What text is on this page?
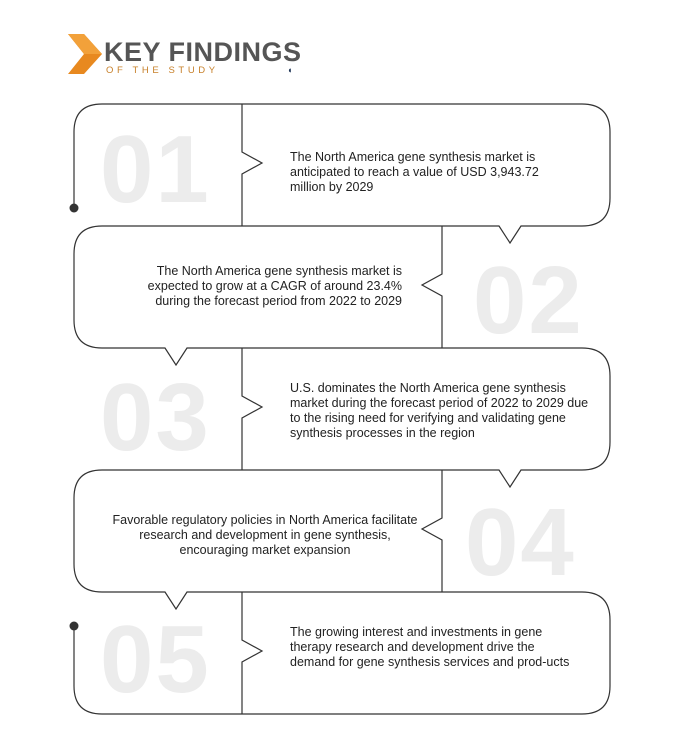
KEY FINDINGS
OF THE STUDY	◖
01	The North America gene synthesis market is anticipated to reach a value of USD 3,943.72 million by 2029
02
The North America gene synthesis market is expected to grow at a CAGR of around 23.4% during the forecast period from 2022 to 2029
03	U.S. dominates the North America gene synthesis market during the forecast period of 2022 to 2029 due to the rising need for verifying and validating gene synthesis processes in the region
04
Favorable regulatory policies in North America facilitate research and development in gene synthesis, encouraging market expansion
05	The growing interest and investments in gene therapy research and development drive the demand for gene synthesis services and prod-ucts
